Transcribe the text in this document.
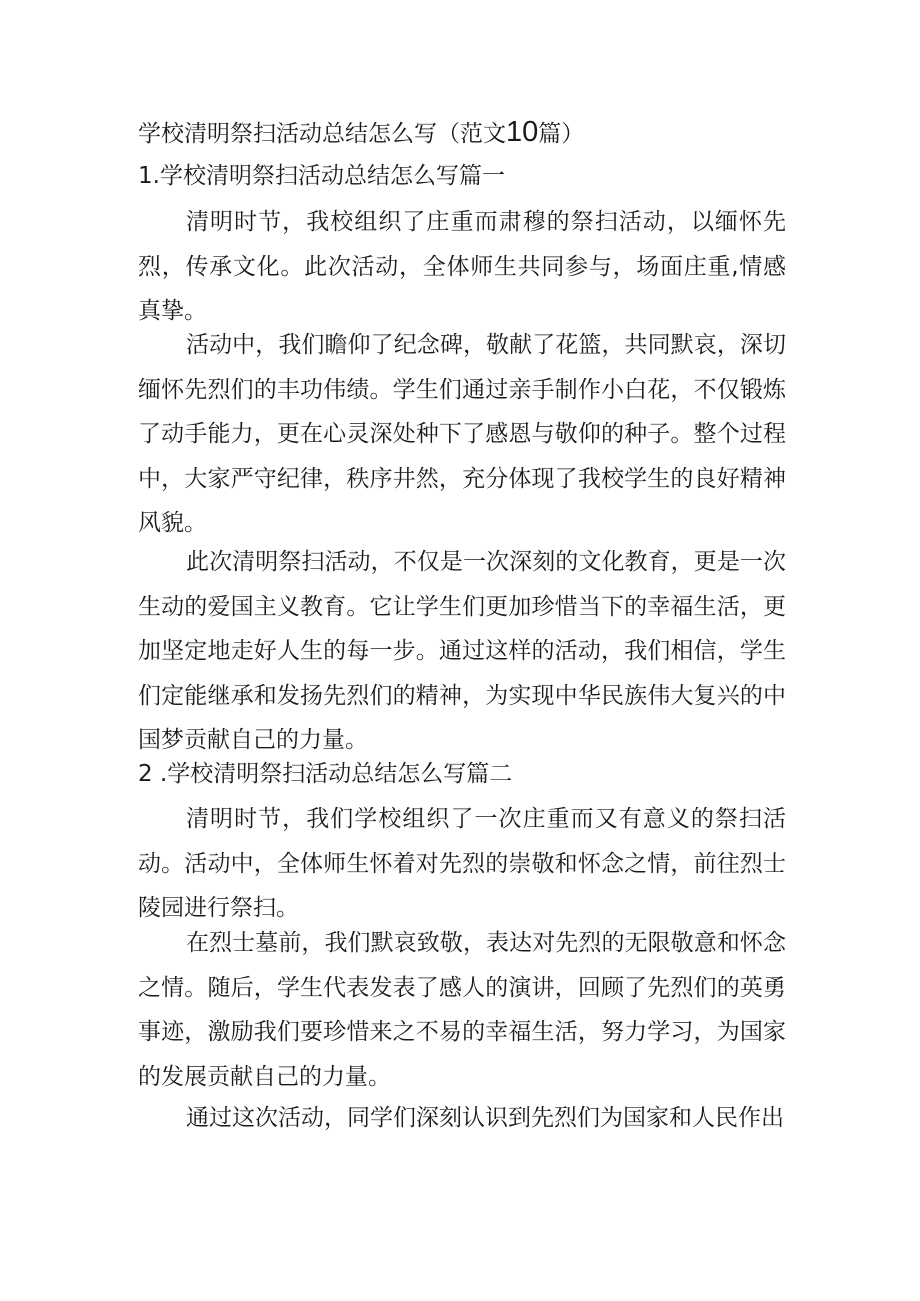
学校清明祭扫活动总结怎么写（范文10篇）
1.学校清明祭扫活动总结怎么写篇一

清明时节，我校组织了庄重而肃穆的祭扫活动，以缅怀先烈，传承文化。此次活动，全体师生共同参与，场面庄重,情感真挚。

活动中，我们瞻仰了纪念碑，敬献了花篮，共同默哀，深切缅怀先烈们的丰功伟绩。学生们通过亲手制作小白花，不仅锻炼了动手能力，更在心灵深处种下了感恩与敬仰的种子。整个过程中，大家严守纪律，秩序井然，充分体现了我校学生的良好精神风貌。

此次清明祭扫活动，不仅是一次深刻的文化教育，更是一次生动的爱国主义教育。它让学生们更加珍惜当下的幸福生活，更加坚定地走好人生的每一步。通过这样的活动，我们相信，学生们定能继承和发扬先烈们的精神，为实现中华民族伟大复兴的中国梦贡献自己的力量。

2 .学校清明祭扫活动总结怎么写篇二

清明时节，我们学校组织了一次庄重而又有意义的祭扫活动。活动中，全体师生怀着对先烈的崇敬和怀念之情，前往烈士陵园进行祭扫。

在烈士墓前，我们默哀致敬，表达对先烈的无限敬意和怀念之情。随后，学生代表发表了感人的演讲，回顾了先烈们的英勇事迹，激励我们要珍惜来之不易的幸福生活，努力学习，为国家的发展贡献自己的力量。

通过这次活动，同学们深刻认识到先烈们为国家和人民作出
